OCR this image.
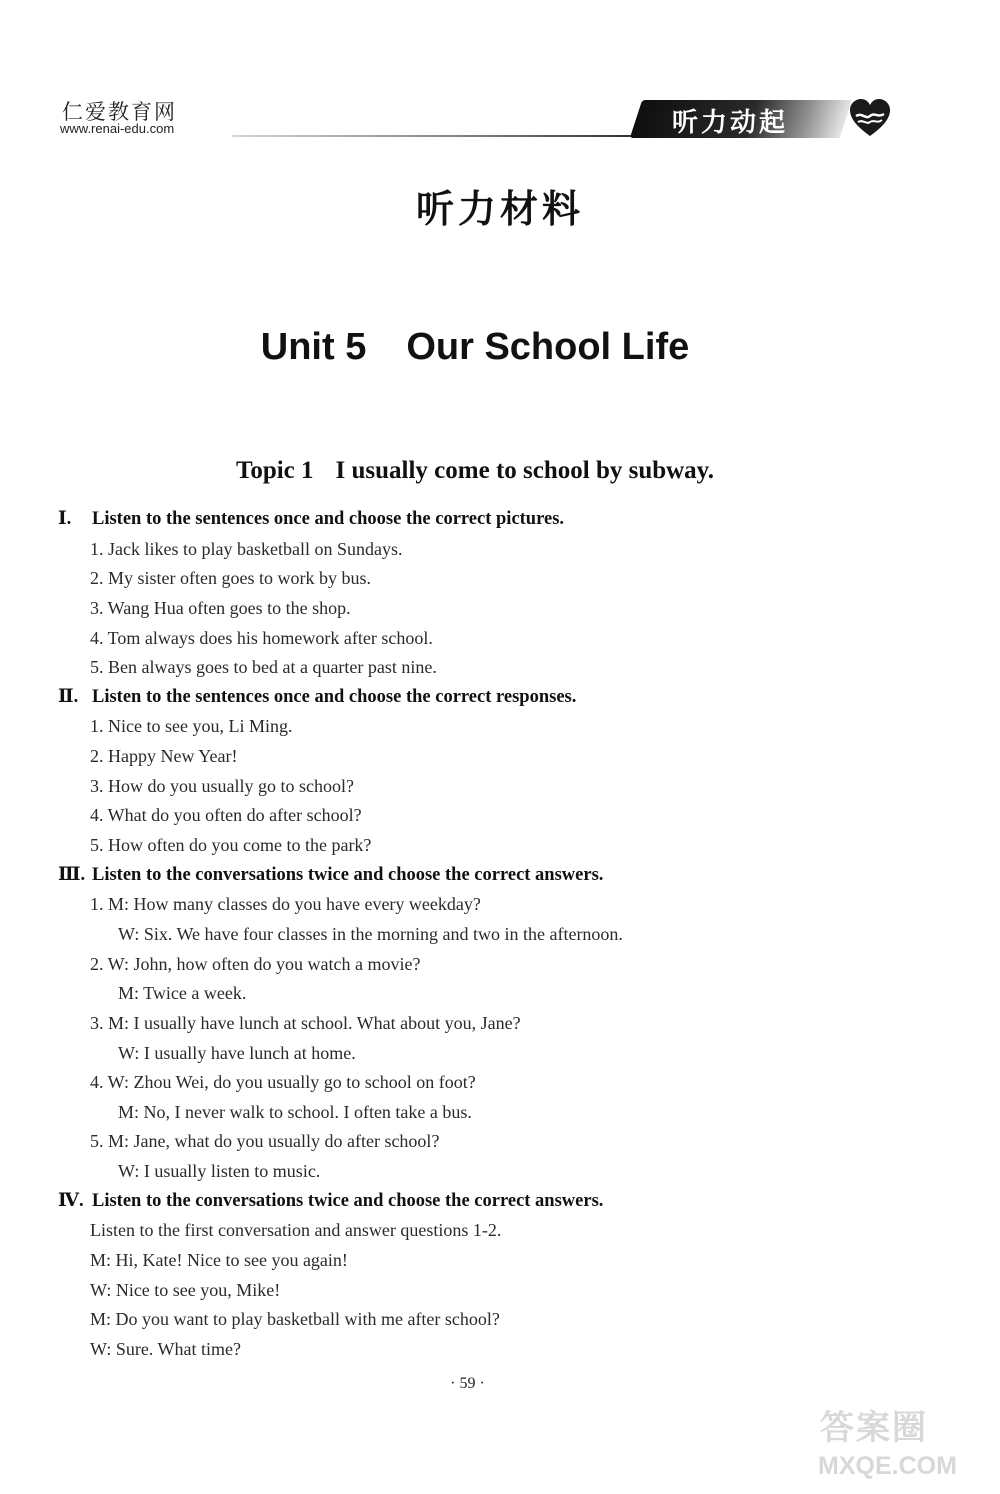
仁爱教育网
www.renai-edu.com	听力动起
听力材料
Unit 5 Our School Life
Topic 1 I usually come to school by subway.
Ⅰ. Listen to the sentences once and choose the correct pictures.
1. Jack likes to play basketball on Sundays.
2. My sister often goes to work by bus.
3. Wang Hua often goes to the shop.
4. Tom always does his homework after school.
5. Ben always goes to bed at a quarter past nine.
Ⅱ. Listen to the sentences once and choose the correct responses.
1. Nice to see you, Li Ming.
2. Happy New Year!
3. How do you usually go to school?
4. What do you often do after school?
5. How often do you come to the park?
Ⅲ. Listen to the conversations twice and choose the correct answers.
1. M: How many classes do you have every weekday?
W: Six. We have four classes in the morning and two in the afternoon.
2. W: John, how often do you watch a movie?
M: Twice a week.
3. M: I usually have lunch at school. What about you, Jane?
W: I usually have lunch at home.
4. W: Zhou Wei, do you usually go to school on foot?
M: No, I never walk to school. I often take a bus.
5. M: Jane, what do you usually do after school?
W: I usually listen to music.
Ⅳ. Listen to the conversations twice and choose the correct answers.
Listen to the first conversation and answer questions 1-2.
M: Hi, Kate! Nice to see you again!
W: Nice to see you, Mike!
M: Do you want to play basketball with me after school?
W: Sure. What time?
· 59 ·
答案圈
MXQE.COM
